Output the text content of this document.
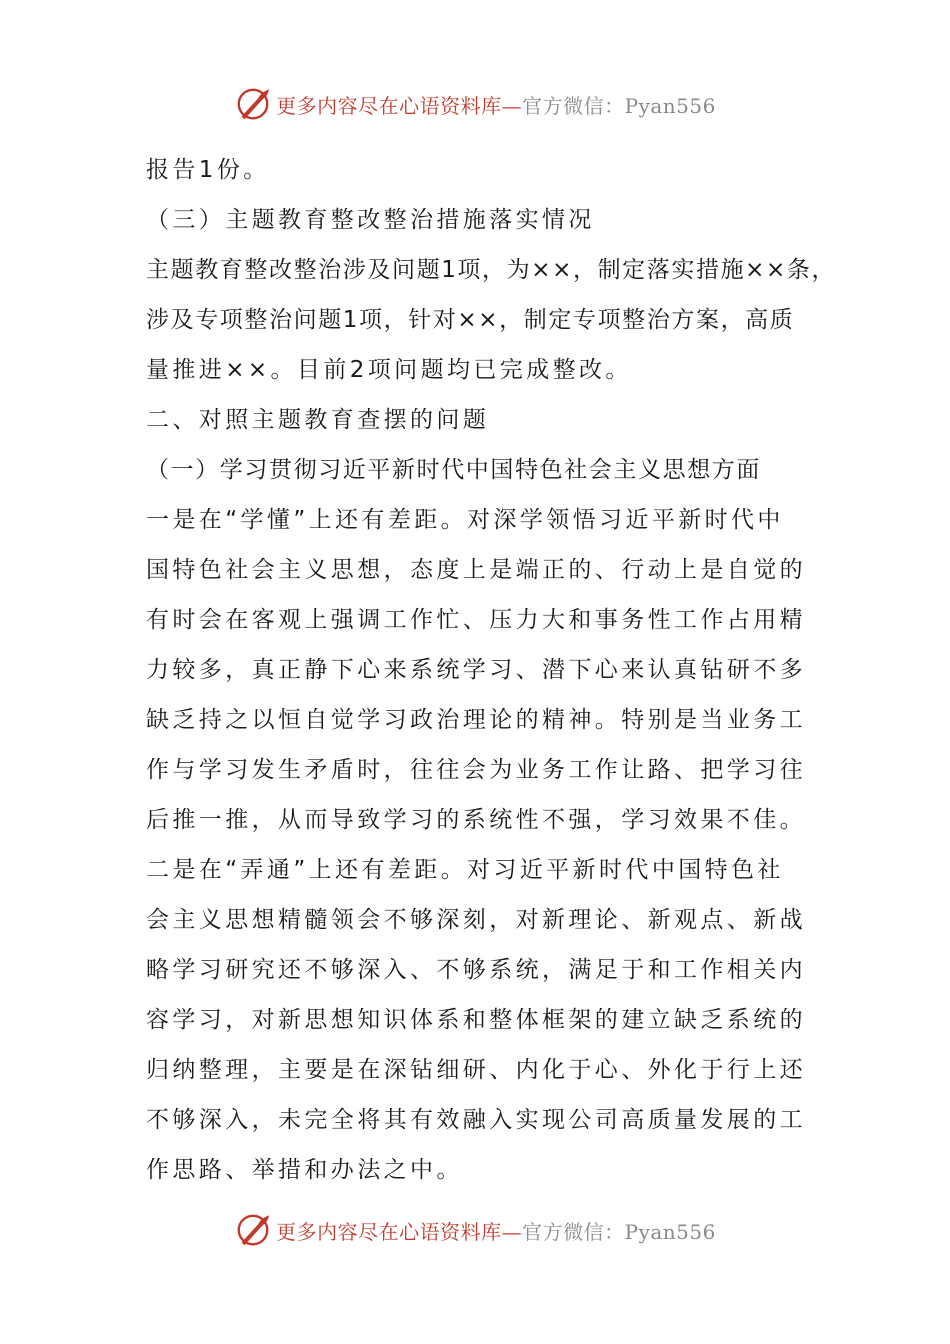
更多内容尽在心语资料库—官方微信：Pyan556
报告1份。
（三）主题教育整改整治措施落实情况
主题教育整改整治涉及问题1项，为××，制定落实措施××条，
涉及专项整治问题1项，针对××，制定专项整治方案，高质
量推进××。目前2项问题均已完成整改。
二、对照主题教育查摆的问题
（一）学习贯彻习近平新时代中国特色社会主义思想方面
一是在“学懂”上还有差距。对深学领悟习近平新时代中
国特色社会主义思想，态度上是端正的、行动上是自觉的
有时会在客观上强调工作忙、压力大和事务性工作占用精
力较多，真正静下心来系统学习、潜下心来认真钻研不多
缺乏持之以恒自觉学习政治理论的精神。特别是当业务工
作与学习发生矛盾时，往往会为业务工作让路、把学习往
后推一推，从而导致学习的系统性不强，学习效果不佳。
二是在“弄通”上还有差距。对习近平新时代中国特色社
会主义思想精髓领会不够深刻，对新理论、新观点、新战
略学习研究还不够深入、不够系统，满足于和工作相关内
容学习，对新思想知识体系和整体框架的建立缺乏系统的
归纳整理，主要是在深钻细研、内化于心、外化于行上还
不够深入，未完全将其有效融入实现公司高质量发展的工
作思路、举措和办法之中。
更多内容尽在心语资料库—官方微信：Pyan556
